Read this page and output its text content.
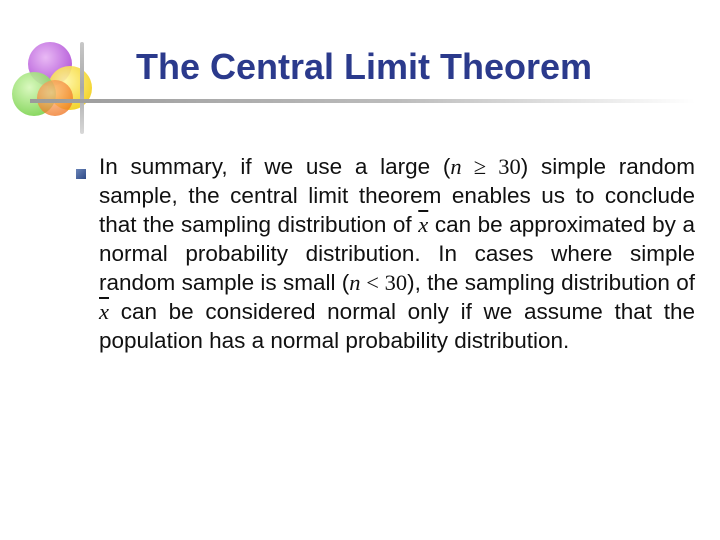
The Central Limit Theorem
In summary, if we use a large (n ≥ 30) simple random sample, the central limit theorem enables us to conclude that the sampling distribution of $\overline{x}$ can be approximated by a normal probability distribution. In cases where simple random sample is small (n < 30), the sampling distribution of $\overline{x}$ can be considered normal only if we assume that the population has a normal probability distribution.
